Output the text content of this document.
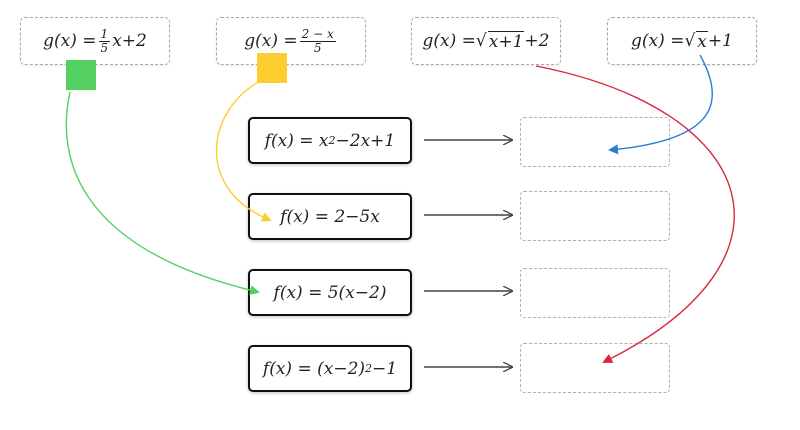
$g(x) = \frac{1}{5} x+2$	$g(x) = \frac{2 - x}{5}$	g(x) = √ x+1 +2	g(x) = √ x +1
f(x) = x 2 −2x+1
f(x) = 2−5x
f(x) = 5(x−2)
f(x) = (x−2) 2 −1
